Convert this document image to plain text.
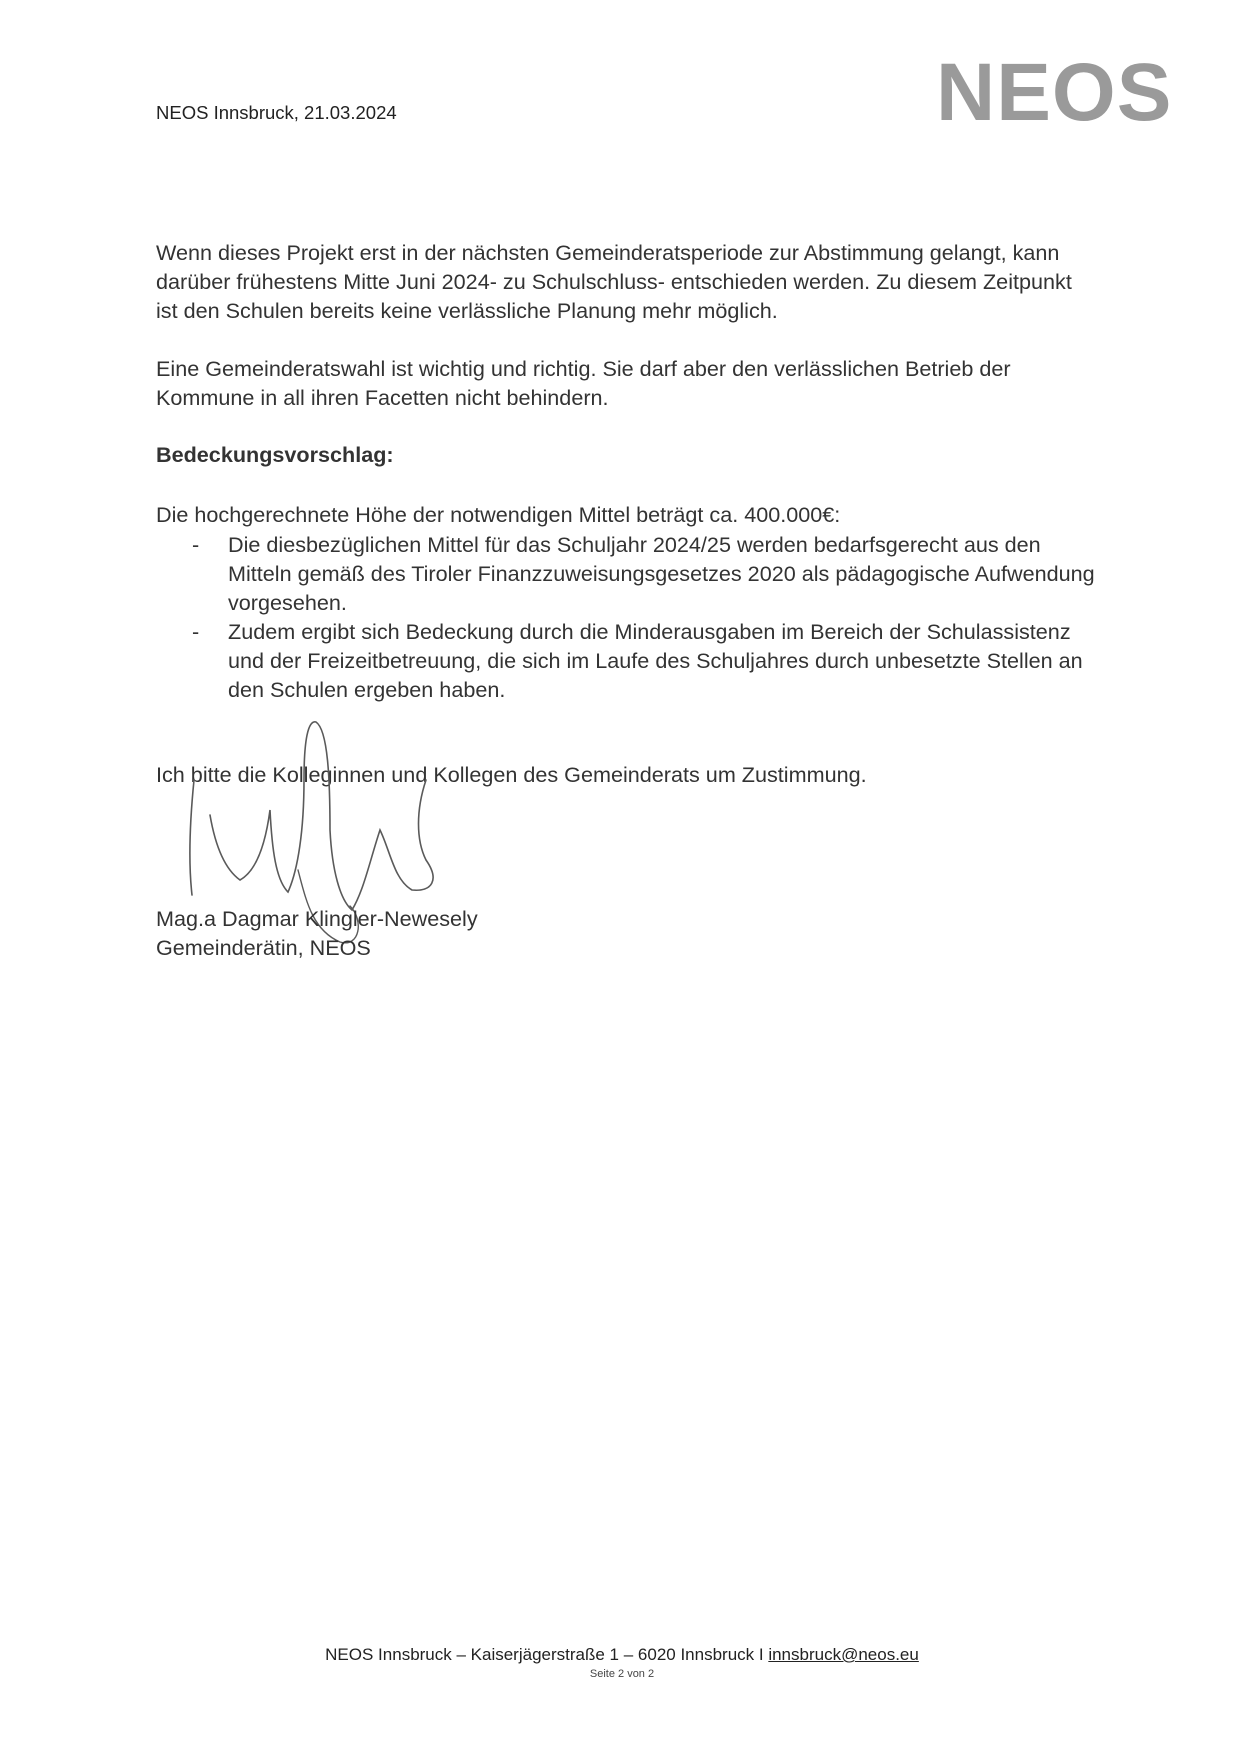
NEOS Innsbruck, 21.03.2024	NEOS
Wenn dieses Projekt erst in der nächsten Gemeinderatsperiode zur Abstimmung gelangt, kann darüber frühestens Mitte Juni 2024- zu Schulschluss- entschieden werden. Zu diesem Zeitpunkt ist den Schulen bereits keine verlässliche Planung mehr möglich.
Eine Gemeinderatswahl ist wichtig und richtig. Sie darf aber den verlässlichen Betrieb der Kommune in all ihren Facetten nicht behindern.
Bedeckungsvorschlag:
Die hochgerechnete Höhe der notwendigen Mittel beträgt ca. 400.000€:
- Die diesbezüglichen Mittel für das Schuljahr 2024/25 werden bedarfsgerecht aus den Mitteln gemäß des Tiroler Finanzzuweisungsgesetzes 2020 als pädagogische Aufwendung vorgesehen.
- Zudem ergibt sich Bedeckung durch die Minderausgaben im Bereich der Schulassistenz und der Freizeitbetreuung, die sich im Laufe des Schuljahres durch unbesetzte Stellen an den Schulen ergeben haben.
Ich bitte die Kolleginnen und Kollegen des Gemeinderats um Zustimmung.
Mag.a Dagmar Klingler-Newesely
Gemeinderätin, NEOS
NEOS Innsbruck – Kaiserjägerstraße 1 – 6020 Innsbruck I innsbruck@neos.eu
Seite 2 von 2
